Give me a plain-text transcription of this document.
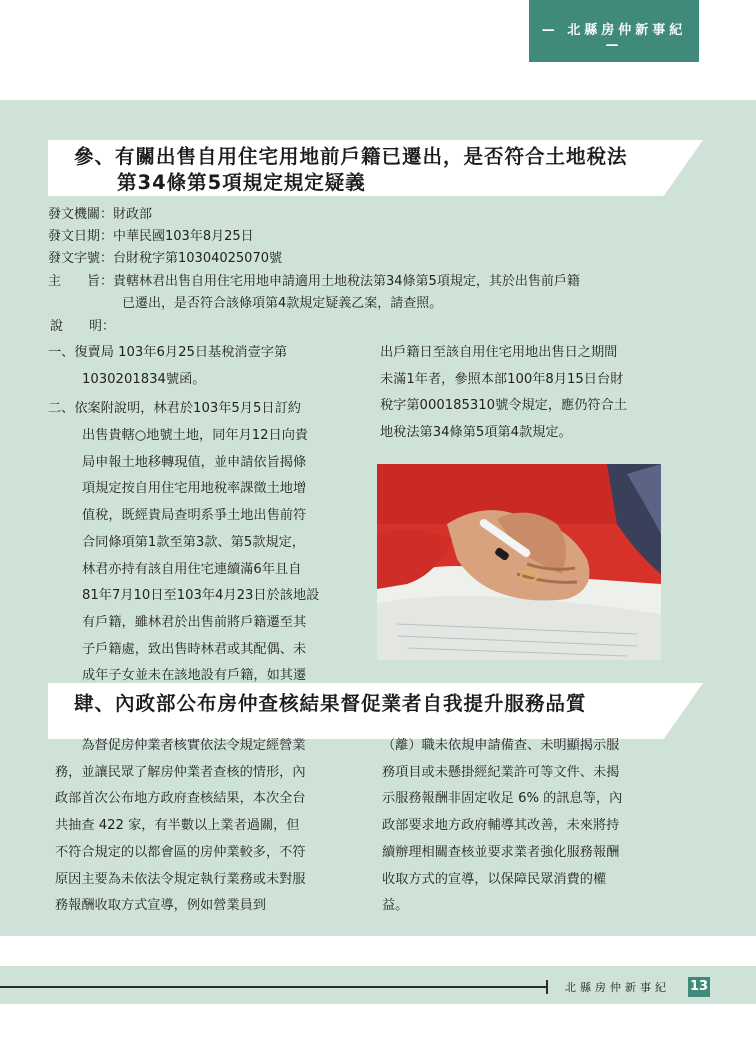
— 北縣房仲新事紀 —
參、有關出售自用住宅用地前戶籍已遷出，是否符合土地稅法
第34條第5項規定規定疑義
發文機關：財政部
發文日期：中華民國103年8月25日
發文字號：台財稅字第10304025070號
主　　旨：貴轄林君出售自用住宅用地申請適用土地稅法第34條第5項規定，其於出售前戶籍
已遷出，是否符合該條項第4款規定疑義乙案，請查照。
說　　明：
一、復賣局 103年6月25日基稅消壹字第
1030201834號函。
二、依案附說明，林君於103年5月5日訂約
出售貴轄○地號土地，同年月12日向貴
局申報土地移轉現值，並申請依旨揭條
項規定按自用住宅用地稅率課徵土地增
值稅，既經貴局查明系爭土地出售前符
合同條項第1款至第3款、第5款規定，
林君亦持有該自用住宅連續滿6年且自
81年7月10日至103年4月23日於該地設
有戶籍，雖林君於出售前將戶籍遷至其
子戶籍處，致出售時林君或其配偶、未
成年子女並未在該地設有戶籍，如其遷
出戶籍日至該自用住宅用地出售日之期間
未滿1年者，參照本部100年8月15日台財
稅字第000185310號令規定，應仍符合土
地稅法第34條第5項第4款規定。
肆、內政部公布房仲查核結果督促業者自我提升服務品質
　　為督促房仲業者核實依法令規定經營業
務，並讓民眾了解房仲業者查核的情形，內
政部首次公布地方政府查核結果，本次全台
共抽查 422 家，有半數以上業者過關，但
不符合規定的以都會區的房仲業較多，不符
原因主要為未依法令規定執行業務或未對服
務報酬收取方式宣導，例如營業員到
（離）職未依規申請備查、未明顯揭示服
務項目或未懸掛經紀業許可等文件、未揭
示服務報酬非固定收足 6% 的訊息等，內
政部要求地方政府輔導其改善，未來將持
續辦理相關查核並要求業者強化服務報酬
收取方式的宣導，以保障民眾消費的權
益。
北縣房仲新事紀 13
